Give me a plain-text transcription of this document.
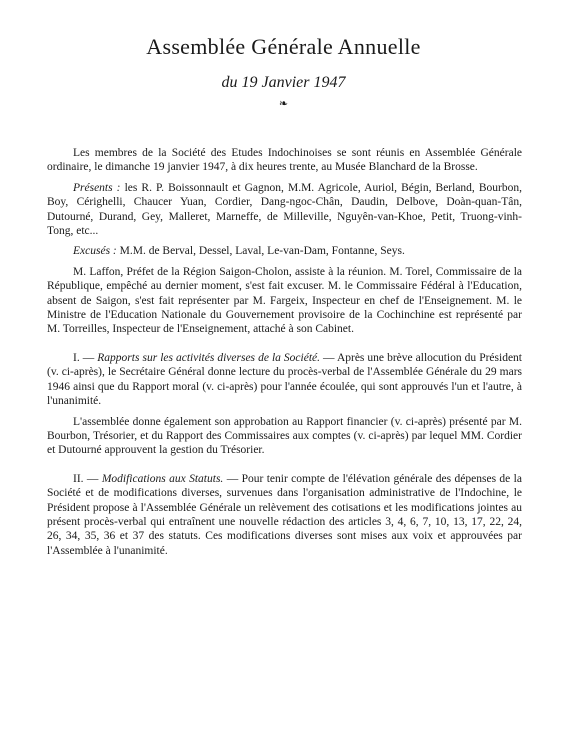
Assemblée Générale Annuelle
du 19 Janvier 1947
❧

Les membres de la Société des Etudes Indochinoises se sont réunis en Assemblée Générale ordinaire, le dimanche 19 janvier 1947, à dix heures trente, au Musée Blanchard de la Brosse.

Présents : les R. P. Boissonnault et Gagnon, M.M. Agricole, Auriol, Bégin, Berland, Bourbon, Boy, Cérighelli, Chaucer Yuan, Cordier, Dang-ngoc-Chân, Daudin, Delbove, Doàn-quan-Tân, Dutourné, Durand, Gey, Malleret, Marneffe, de Milleville, Nguyên-van-Khoe, Petit, Truong-vinh-Tong, etc...

Excusés : M.M. de Berval, Dessel, Laval, Le-van-Dam, Fontanne, Seys.

M. Laffon, Préfet de la Région Saigon-Cholon, assiste à la réunion. M. Torel, Commissaire de la République, empêché au dernier moment, s'est fait excuser. M. le Commissaire Fédéral à l'Education, absent de Saigon, s'est fait représenter par M. Fargeix, Inspecteur en chef de l'Enseignement. M. le Ministre de l'Education Nationale du Gouvernement provisoire de la Cochinchine est représenté par M. Torreilles, Inspecteur de l'Enseignement, attaché à son Cabinet.

I. — Rapports sur les activités diverses de la Société. — Après une brève allocution du Président (v. ci-après), le Secrétaire Général donne lecture du procès-verbal de l'Assemblée Générale du 29 mars 1946 ainsi que du Rapport moral (v. ci-après) pour l'année écoulée, qui sont approuvés l'un et l'autre, à l'unanimité.

L'assemblée donne également son approbation au Rapport financier (v. ci-après) présenté par M. Bourbon, Trésorier, et du Rapport des Commissaires aux comptes (v. ci-après) par lequel MM. Cordier et Dutourné approuvent la gestion du Trésorier.

II. — Modifications aux Statuts. — Pour tenir compte de l'élévation générale des dépenses de la Société et de modifications diverses, survenues dans l'organisation administrative de l'Indochine, le Président propose à l'Assemblée Générale un relèvement des cotisations et les modifications jointes au présent procès-verbal qui entraînent une nouvelle rédaction des articles 3, 4, 6, 7, 10, 13, 17, 22, 24, 26, 34, 35, 36 et 37 des statuts. Ces modifications diverses sont mises aux voix et approuvées par l'Assemblée à l'unanimité.
